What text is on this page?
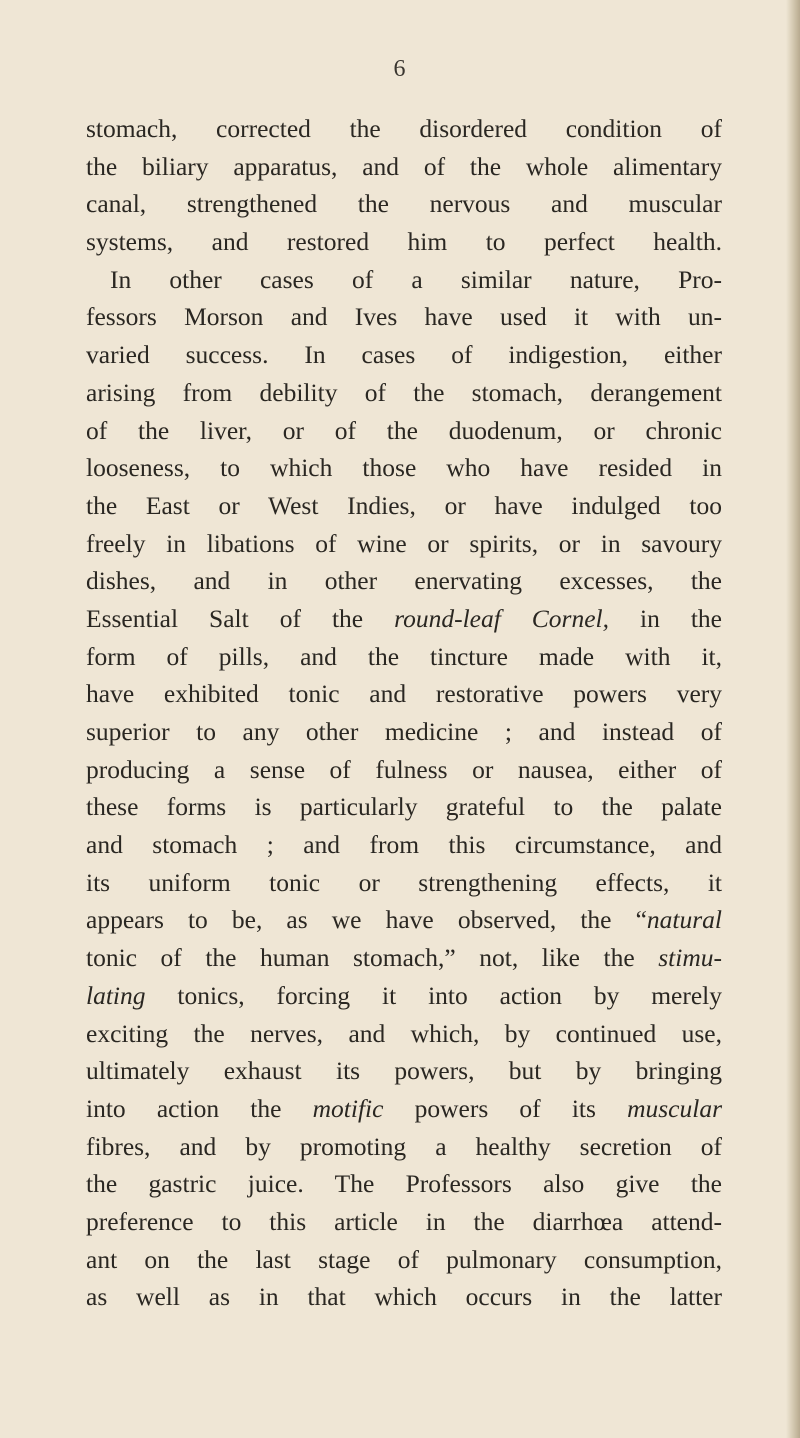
6
stomach, corrected the disordered condition of
the biliary apparatus, and of the whole alimentary
canal, strengthened the nervous and muscular
systems, and restored him to perfect health.
In other cases of a similar nature, Pro-
fessors Morson and Ives have used it with un-
varied success. In cases of indigestion, either
arising from debility of the stomach, derangement
of the liver, or of the duodenum, or chronic
looseness, to which those who have resided in
the East or West Indies, or have indulged too
freely in libations of wine or spirits, or in savoury
dishes, and in other enervating excesses, the
Essential Salt of the round-leaf Cornel, in the
form of pills, and the tincture made with it,
have exhibited tonic and restorative powers very
superior to any other medicine ; and instead of
producing a sense of fulness or nausea, either of
these forms is particularly grateful to the palate
and stomach ; and from this circumstance, and
its uniform tonic or strengthening effects, it
appears to be, as we have observed, the “natural
tonic of the human stomach,” not, like the stimu-
lating tonics, forcing it into action by merely
exciting the nerves, and which, by continued use,
ultimately exhaust its powers, but by bringing
into action the motific powers of its muscular
fibres, and by promoting a healthy secretion of
the gastric juice. The Professors also give the
preference to this article in the diarrhœa attend-
ant on the last stage of pulmonary consumption,
as well as in that which occurs in the latter
